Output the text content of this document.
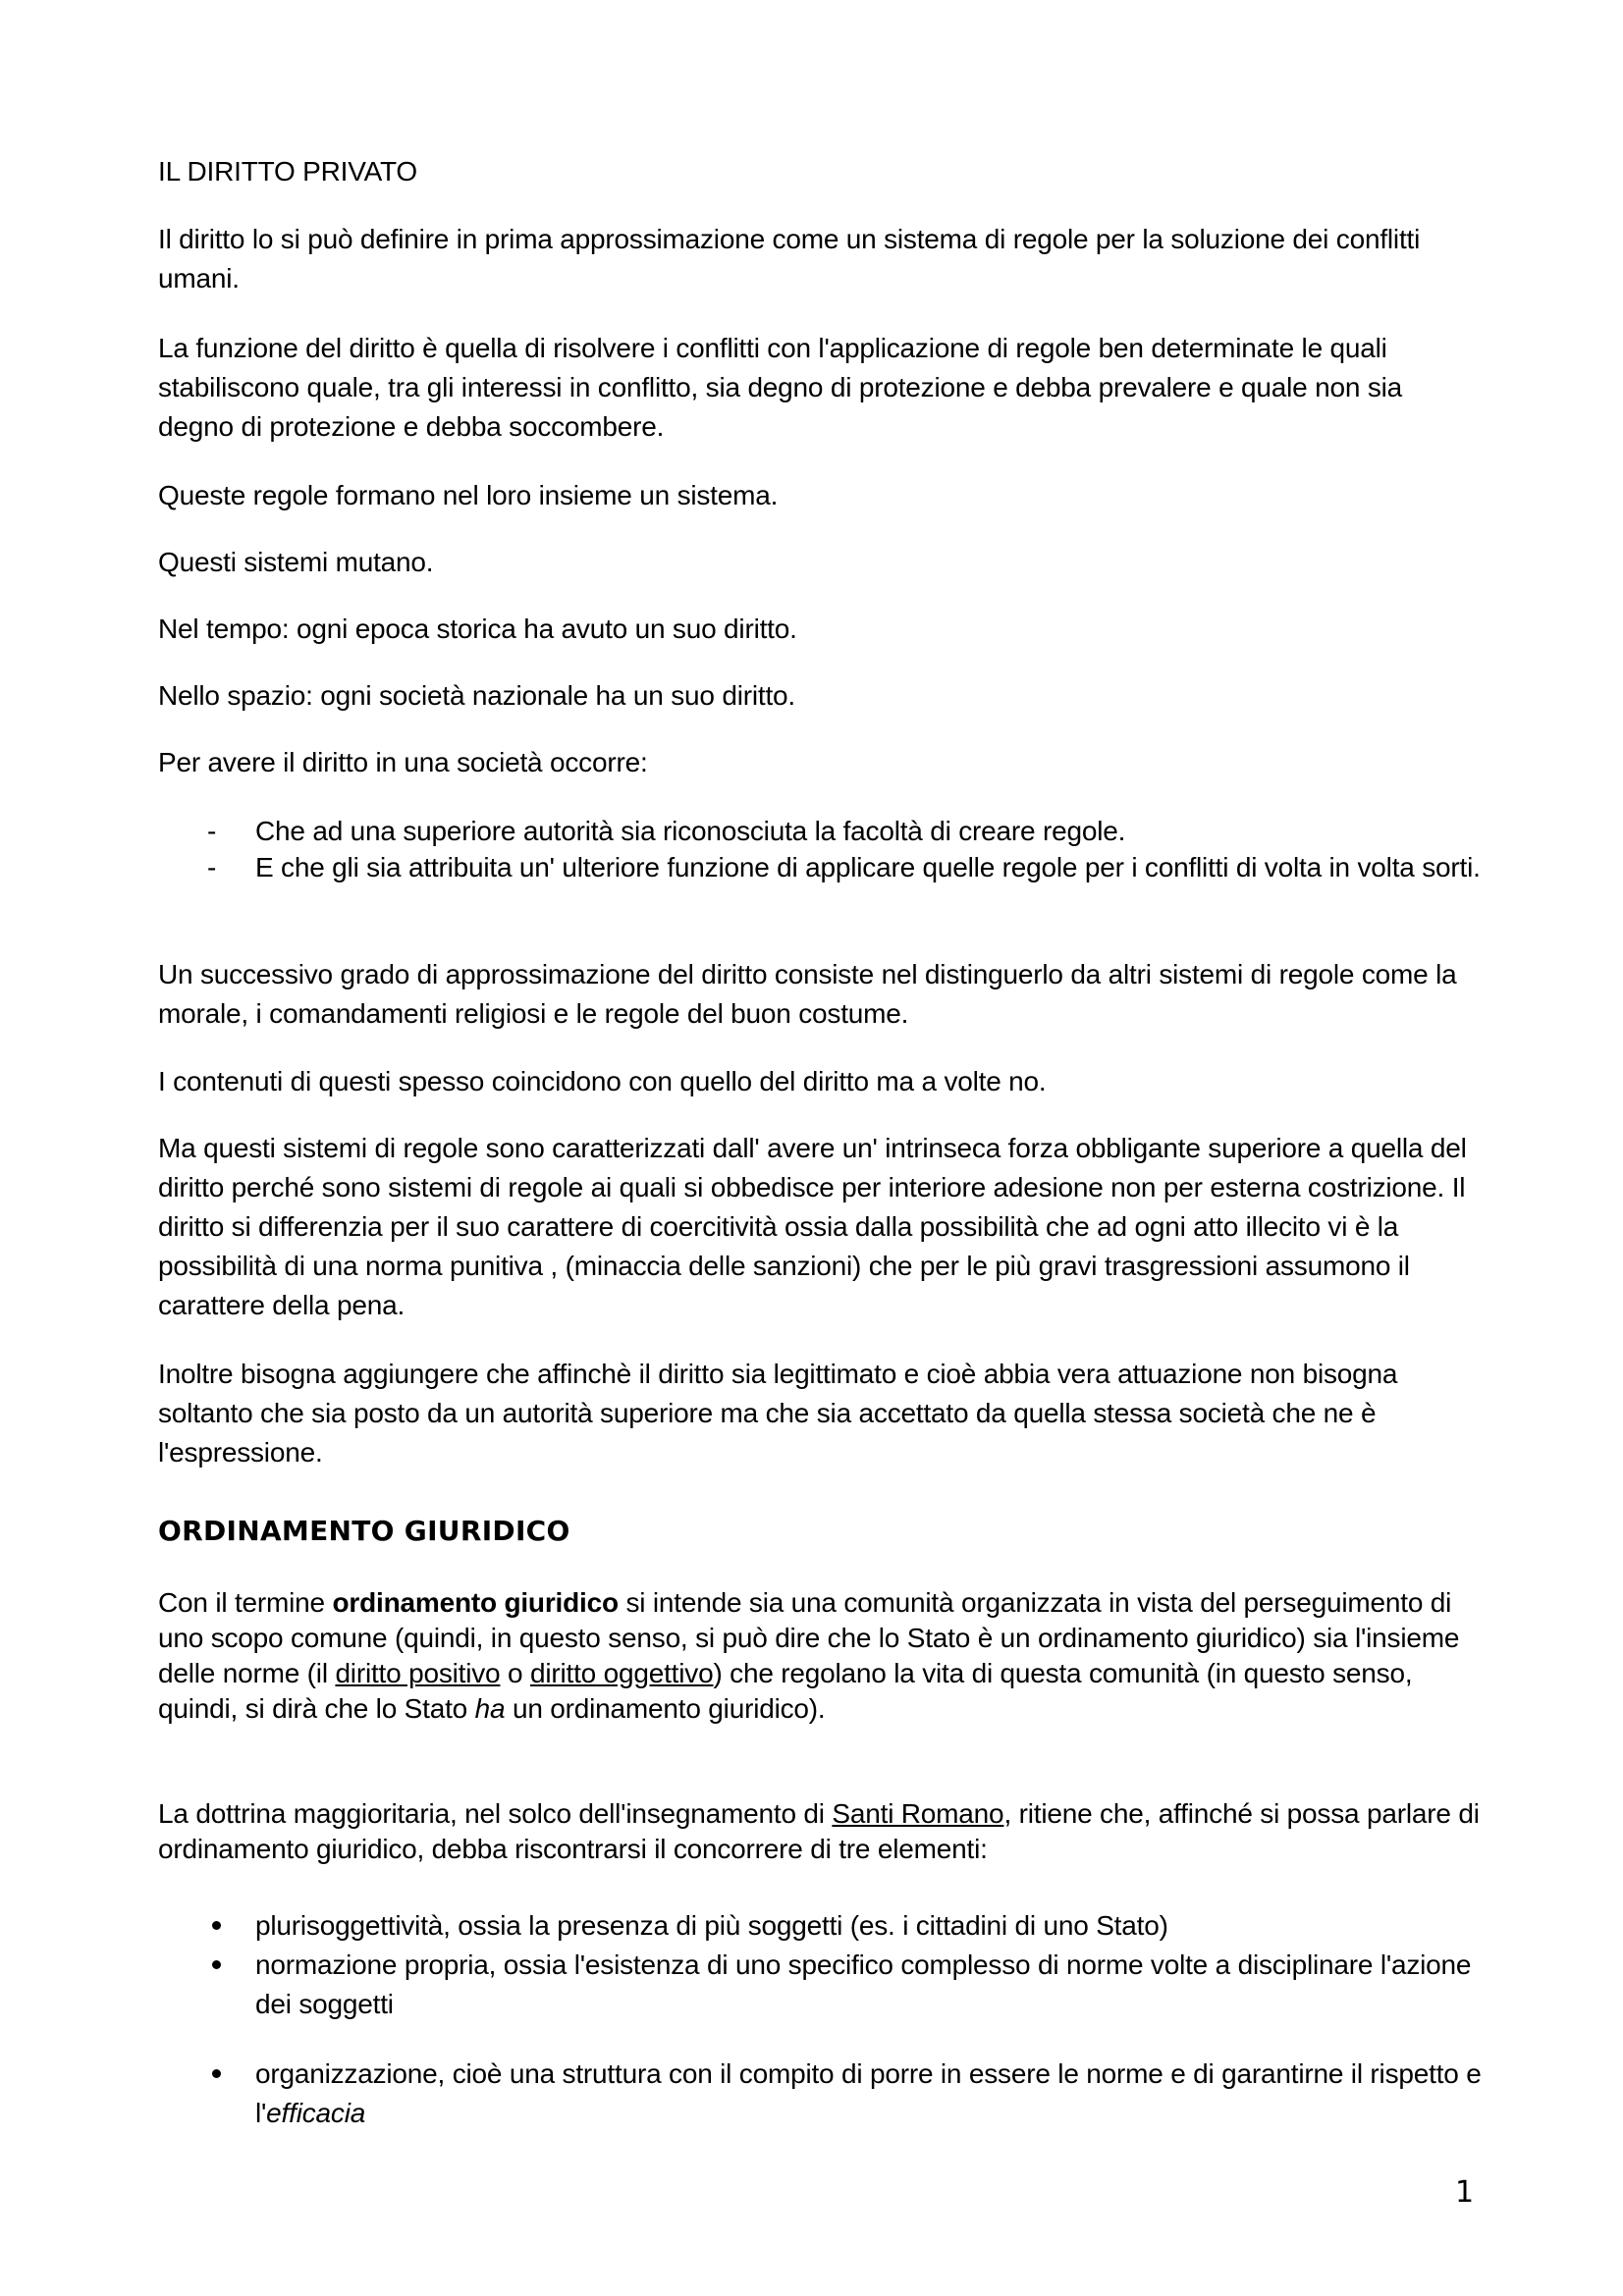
IL DIRITTO PRIVATO

Il diritto lo si può definire in prima approssimazione come un sistema di regole per la soluzione dei conflitti umani.

La funzione del diritto è quella di risolvere i conflitti con l'applicazione di regole ben determinate le quali stabiliscono quale, tra gli interessi in conflitto, sia degno di protezione e debba prevalere e quale non sia degno di protezione e debba soccombere.

Queste regole formano nel loro insieme un sistema.

Questi sistemi mutano.

Nel tempo: ogni epoca storica ha avuto un suo diritto.

Nello spazio: ogni società nazionale ha un suo diritto.

Per avere il diritto in una società occorre:

- Che ad una superiore autorità sia riconosciuta la facoltà di creare regole.
- E che gli sia attribuita un' ulteriore funzione di applicare quelle regole per i conflitti di volta in volta sorti.

Un successivo grado di approssimazione del diritto consiste nel distinguerlo da altri sistemi di regole come la morale, i comandamenti religiosi e le regole del buon costume.

I contenuti di questi spesso coincidono con quello del diritto ma a volte no.

Ma questi sistemi di regole sono caratterizzati dall' avere un' intrinseca forza obbligante superiore a quella del diritto perché sono sistemi di regole ai quali si obbedisce per interiore adesione non per esterna costrizione. Il diritto si differenzia per il suo carattere di coercitività ossia dalla possibilità che ad ogni atto illecito vi è la possibilità di una norma punitiva , (minaccia delle sanzioni) che per le più gravi trasgressioni assumono il carattere della pena.

Inoltre bisogna aggiungere che affinchè il diritto sia legittimato e cioè abbia vera attuazione non bisogna soltanto che sia posto da un autorità superiore ma che sia accettato da quella stessa società che ne è l'espressione.

ORDINAMENTO GIURIDICO

Con il termine ordinamento giuridico si intende sia una comunità organizzata in vista del perseguimento di uno scopo comune (quindi, in questo senso, si può dire che lo Stato è un ordinamento giuridico) sia l'insieme delle norme (il diritto positivo o diritto oggettivo) che regolano la vita di questa comunità (in questo senso, quindi, si dirà che lo Stato ha un ordinamento giuridico).

La dottrina maggioritaria, nel solco dell'insegnamento di Santi Romano, ritiene che, affinché si possa parlare di ordinamento giuridico, debba riscontrarsi il concorrere di tre elementi:

plurisoggettività, ossia la presenza di più soggetti (es. i cittadini di uno Stato)
normazione propria, ossia l'esistenza di uno specifico complesso di norme volte a disciplinare l'azione dei soggetti
organizzazione, cioè una struttura con il compito di porre in essere le norme e di garantirne il rispetto e l'efficacia
1
